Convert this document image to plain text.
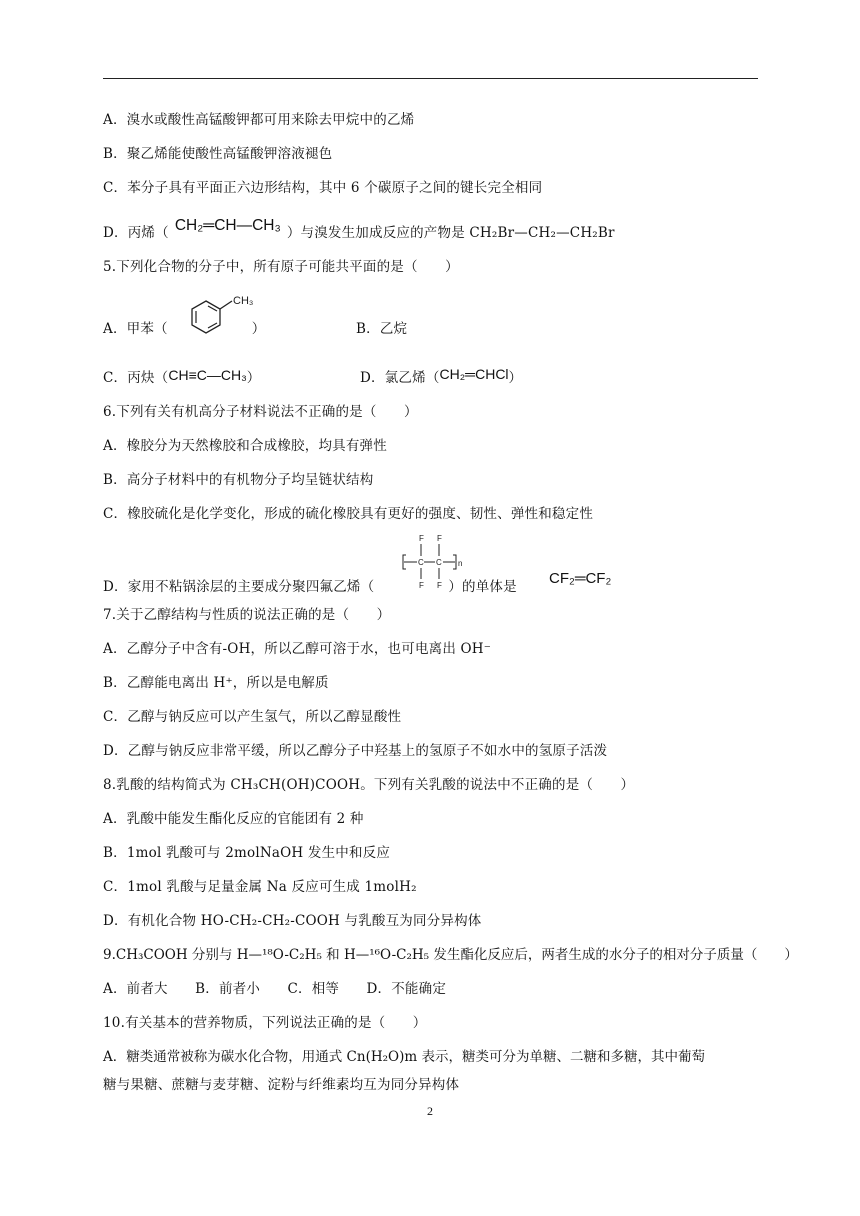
A．溴水或酸性高锰酸钾都可用来除去甲烷中的乙烯
B．聚乙烯能使酸性高锰酸钾溶液褪色
C．苯分子具有平面正六边形结构，其中 6 个碳原子之间的键长完全相同
D．丙烯（ CH₂═CH—CH₃ ）与溴发生加成反应的产物是 CH₂Br—CH₂—CH₂Br
5.下列化合物的分子中，所有原子可能共平面的是（　　）
A．甲苯（	）
CH₃
B．乙烷
C．丙炔（CH≡C—CH₃）	D．氯乙烯（CH₂═CHCl）
6.下列有关有机高分子材料说法不正确的是（　　）
A．橡胶分为天然橡胶和合成橡胶，均具有弹性
B．高分子材料中的有机物分子均呈链状结构
C．橡胶硫化是化学变化，形成的硫化橡胶具有更好的强度、韧性、弹性和稳定性
D．家用不粘锅涂层的主要成分聚四氟乙烯（	）的单体是
F F
F F
C C n
CF₂═CF₂
7.关于乙醇结构与性质的说法正确的是（　　）
A．乙醇分子中含有-OH，所以乙醇可溶于水，也可电离出 OH⁻
B．乙醇能电离出 H⁺，所以是电解质
C．乙醇与钠反应可以产生氢气，所以乙醇显酸性
D．乙醇与钠反应非常平缓，所以乙醇分子中羟基上的氢原子不如水中的氢原子活泼
8.乳酸的结构简式为 CH₃CH(OH)COOH。下列有关乳酸的说法中不正确的是（　　）
A．乳酸中能发生酯化反应的官能团有 2 种
B．1mol 乳酸可与 2molNaOH 发生中和反应
C．1mol 乳酸与足量金属 Na 反应可生成 1molH₂
D．有机化合物 HO-CH₂-CH₂-COOH 与乳酸互为同分异构体
9.CH₃COOH 分别与 H—¹⁸O-C₂H₅ 和 H—¹⁶O-C₂H₅ 发生酯化反应后，两者生成的水分子的相对分子质量（　　）
A．前者大　　B．前者小　　C．相等　　D．不能确定
10.有关基本的营养物质，下列说法正确的是（　　）
A．糖类通常被称为碳水化合物，用通式 Cn(H₂O)m 表示，糖类可分为单糖、二糖和多糖，其中葡萄
糖与果糖、蔗糖与麦芽糖、淀粉与纤维素均互为同分异构体
2
